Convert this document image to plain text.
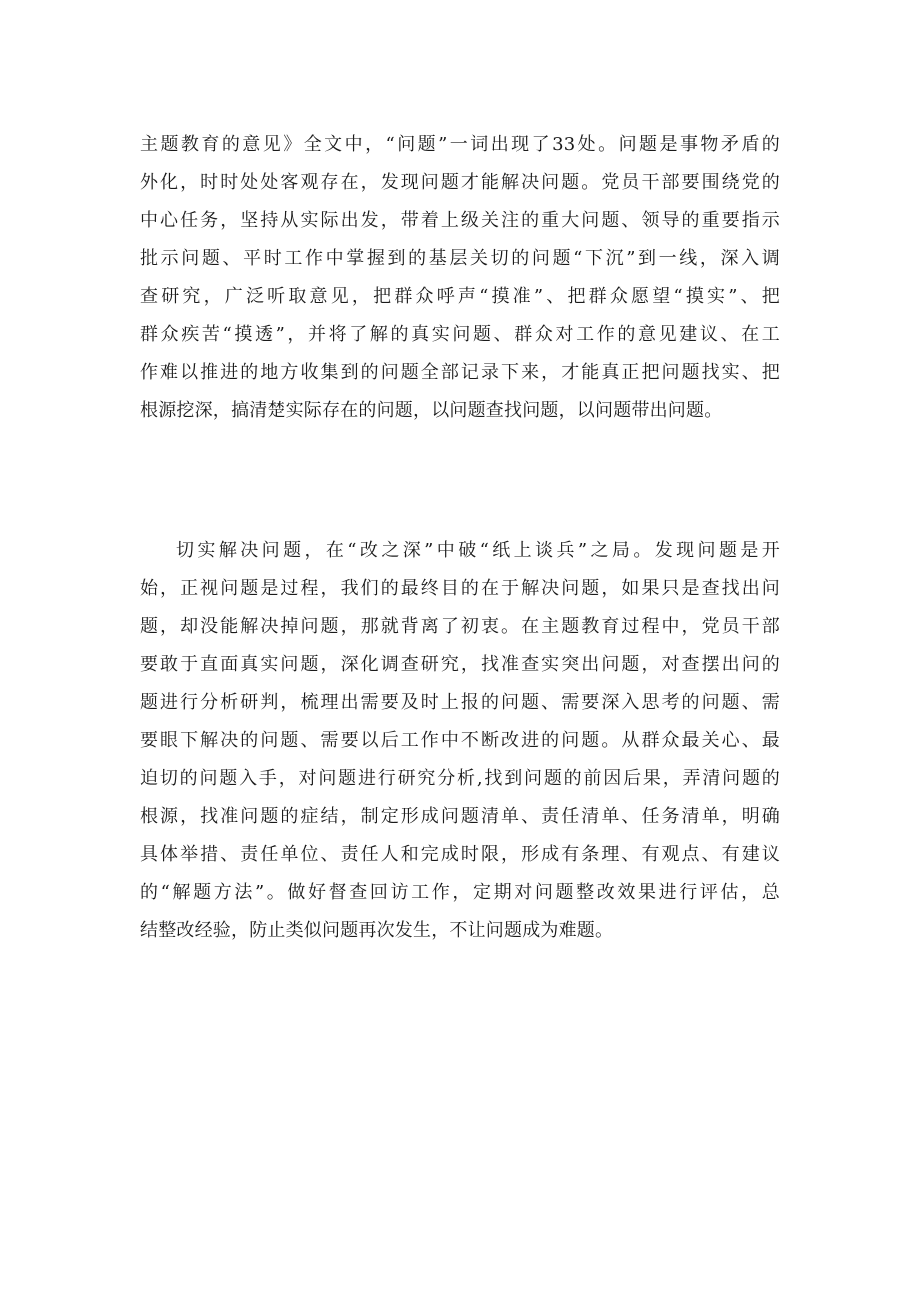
主题教育的意见》全文中，“问题”一词出现了33处。问题是事物矛盾的
外化，时时处处客观存在，发现问题才能解决问题。党员干部要围绕党的
中心任务，坚持从实际出发，带着上级关注的重大问题、领导的重要指示
批示问题、平时工作中掌握到的基层关切的问题“下沉”到一线，深入调
查研究，广泛听取意见，把群众呼声“摸准”、把群众愿望“摸实”、把
群众疾苦“摸透”，并将了解的真实问题、群众对工作的意见建议、在工
作难以推进的地方收集到的问题全部记录下来，才能真正把问题找实、把
根源挖深，搞清楚实际存在的问题，以问题查找问题，以问题带出问题。
切实解决问题，在“改之深”中破“纸上谈兵”之局。发现问题是开
始，正视问题是过程，我们的最终目的在于解决问题，如果只是查找出问
题，却没能解决掉问题，那就背离了初衷。在主题教育过程中，党员干部
要敢于直面真实问题，深化调查研究，找准查实突出问题，对查摆出问的
题进行分析研判，梳理出需要及时上报的问题、需要深入思考的问题、需
要眼下解决的问题、需要以后工作中不断改进的问题。从群众最关心、最
迫切的问题入手，对问题进行研究分析,找到问题的前因后果，弄清问题的
根源，找准问题的症结，制定形成问题清单、责任清单、任务清单，明确
具体举措、责任单位、责任人和完成时限，形成有条理、有观点、有建议
的“解题方法”。做好督查回访工作，定期对问题整改效果进行评估，总
结整改经验，防止类似问题再次发生，不让问题成为难题。
